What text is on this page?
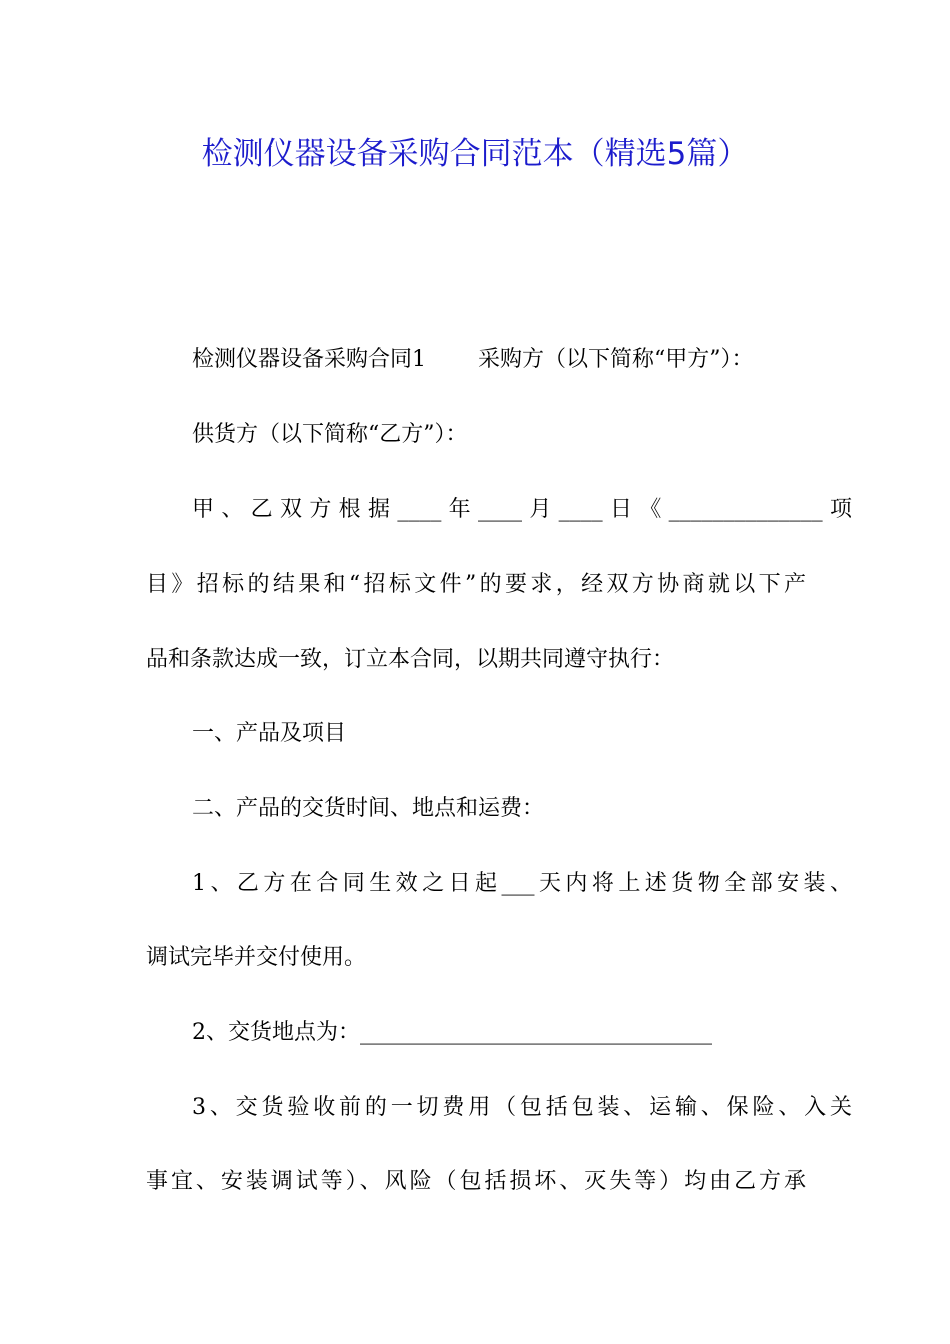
检测仪器设备采购合同范本（精选5篇）

检测仪器设备采购合同1 采购方（以下简称“甲方”）：

供货方（以下简称“乙方”）：

甲、乙双方根据____年____月____日《______________项

目》招标的结果和“招标文件”的要求，经双方协商就以下产

品和条款达成一致，订立本合同，以期共同遵守执行：

一、产品及项目

二、产品的交货时间、地点和运费：

1、乙方在合同生效之日起___天内将上述货物全部安装、

调试完毕并交付使用。

2、交货地点为：________________________________

3、交货验收前的一切费用（包括包装、运输、保险、入关

事宜、安装调试等）、风险（包括损坏、灭失等）均由乙方承
